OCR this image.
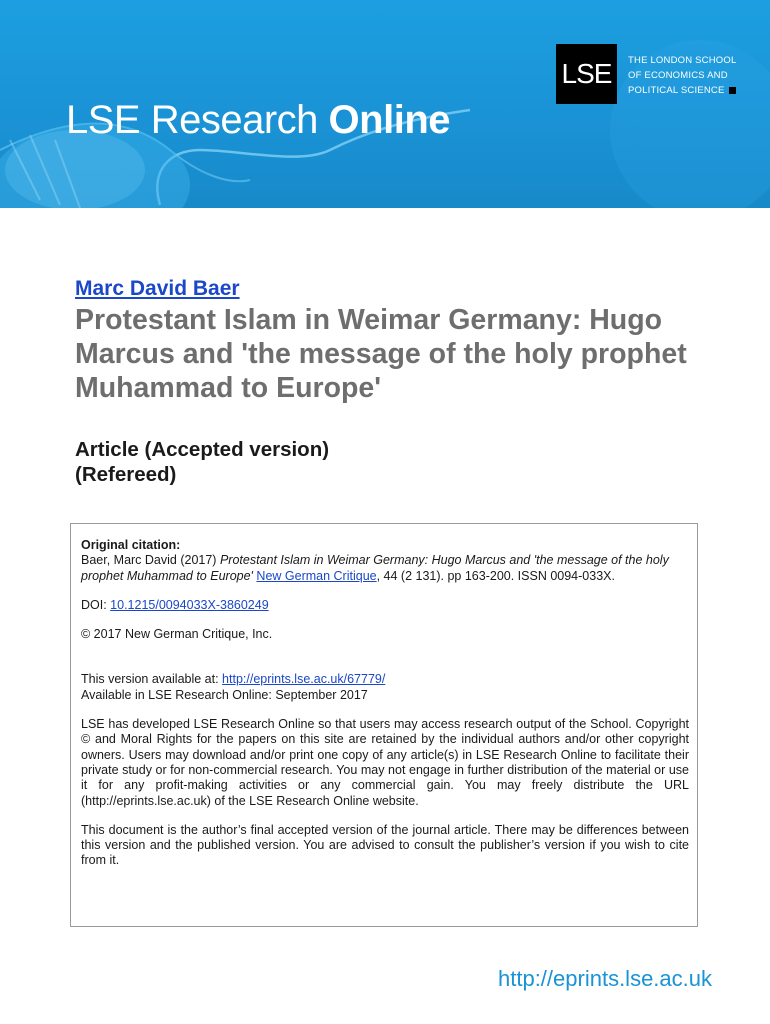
LSE Research Online
LSE THE LONDON SCHOOL
OF ECONOMICS AND
POLITICAL SCIENCE
Marc David Baer
Protestant Islam in Weimar Germany: Hugo Marcus and 'the message of the holy prophet Muhammad to Europe'
Article (Accepted version)
(Refereed)

Original citation:

Baer, Marc David (2017) Protestant Islam in Weimar Germany: Hugo Marcus and 'the message of the holy prophet Muhammad to Europe' New German Critique, 44 (2 131). pp 163-200. ISSN 0094-033X.

DOI: 10.1215/0094033X-3860249

© 2017 New German Critique, Inc.

This version available at: http://eprints.lse.ac.uk/67779/

Available in LSE Research Online: September 2017

LSE has developed LSE Research Online so that users may access research output of the School. Copyright © and Moral Rights for the papers on this site are retained by the individual authors and/or other copyright owners. Users may download and/or print one copy of any article(s) in LSE Research Online to facilitate their private study or for non-commercial research. You may not engage in further distribution of the material or use it for any profit-making activities or any commercial gain. You may freely distribute the URL (http://eprints.lse.ac.uk) of the LSE Research Online website.

This document is the author’s final accepted version of the journal article. There may be differences between this version and the published version. You are advised to consult the publisher’s version if you wish to cite from it.

http://eprints.lse.ac.uk
